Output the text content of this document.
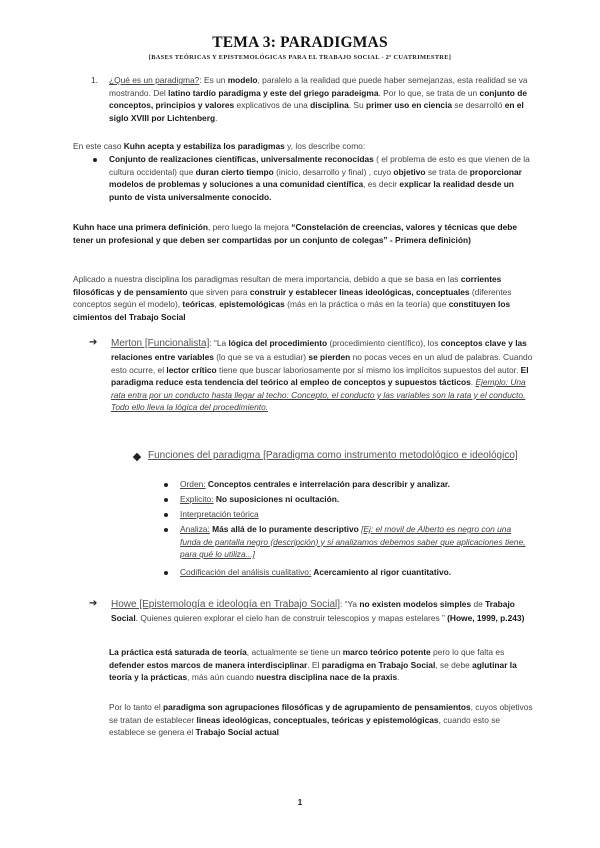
TEMA 3: PARADIGMAS
[BASES TEÓRICAS Y EPISTEMOLÓGICAS PARA EL TRABAJO SOCIAL - 2º CUATRIMESTRE]
1. ¿Qué es un paradigma?: Es un modelo, paralelo a la realidad que puede haber semejanzas, esta realidad se va mostrando. Del latino tardío paradigma y este del griego paradeigma. Por lo que, se trata de un conjunto de conceptos, principios y valores explicativos de una disciplina. Su primer uso en ciencia se desarrolló en el siglo XVIII por Lichtenberg.
En este caso Kuhn acepta y estabiliza los paradigmas y, los describe como:
Conjunto de realizaciones científicas, universalmente reconocidas ( el problema de esto es que vienen de la cultura occidental) que duran cierto tiempo (inicio, desarrollo y final) , cuyo objetivo se trata de proporcionar modelos de problemas y soluciones a una comunidad científica, es decir explicar la realidad desde un punto de vista universalmente conocido.
Kuhn hace una primera definición, pero luego la mejora “Constelación de creencias, valores y técnicas que debe tener un profesional y que deben ser compartidas por un conjunto de colegas” - Primera definición)
Aplicado a nuestra disciplina los paradigmas resultan de mera importancia, debido a que se basa en las corrientes filosóficas y de pensamiento que sirven para construir y establecer lineas ideológicas, conceptuales (diferentes conceptos según el modelo), teóricas, epistemológicas (más en la práctica o más en la teoría) que constituyen los cimientos del Trabajo Social
➔ Merton [Funcionalista]: “La lógica del procedimiento (procedimiento científico), los conceptos clave y las relaciones entre variables (lo que se va a estudiar) se pierden no pocas veces en un alud de palabras. Cuando esto ocurre, el lector crítico tiene que buscar laboriosamente por sí mismo los implícitos supuestos del autor. El paradigma reduce esta tendencia del teórico al empleo de conceptos y supuestos tácticos. Ejemplo: Una rata entra por un conducto hasta llegar al techo: Concepto, el conducto y las variables son la rata y el conducto. Todo ello lleva la lógica del procedimiento.
Funciones del paradigma [Paradigma como instrumento metodológico e ideológico]
Orden: Conceptos centrales e interrelación para describir y analizar.
Explicito: No suposiciones ni ocultación.
Interpretación teórica
Analiza: Más allá de lo puramente descriptivo [Ej: el movil de Alberto es negro con una funda de pantalla negro (descripción) y si analizamos debemos saber que aplicaciones tiene, para qué lo utiliza...]
Codificación del análisis cualitativo: Acercamiento al rigor cuantitativo.
➔ Howe [Epistemología e ideología en Trabajo Social]: “Ya no existen modelos simples de Trabajo Social. Quienes quieren explorar el cielo han de construir telescopios y mapas estelares ” (Howe, 1999, p.243)
La práctica está saturada de teoría, actualmente se tiene un marco teórico potente pero lo que falta es defender estos marcos de manera interdisciplinar. El paradigma en Trabajo Social, se debe aglutinar la teoría y la prácticas, más aún cuando nuestra disciplina nace de la praxis.
Por lo tanto el paradigma son agrupaciones filosóficas y de agrupamiento de pensamientos, cuyos objetivos se tratan de establecer lineas ideológicas, conceptuales, teóricas y epistemológicas, cuando esto se establece se genera el Trabajo Social actual
1
